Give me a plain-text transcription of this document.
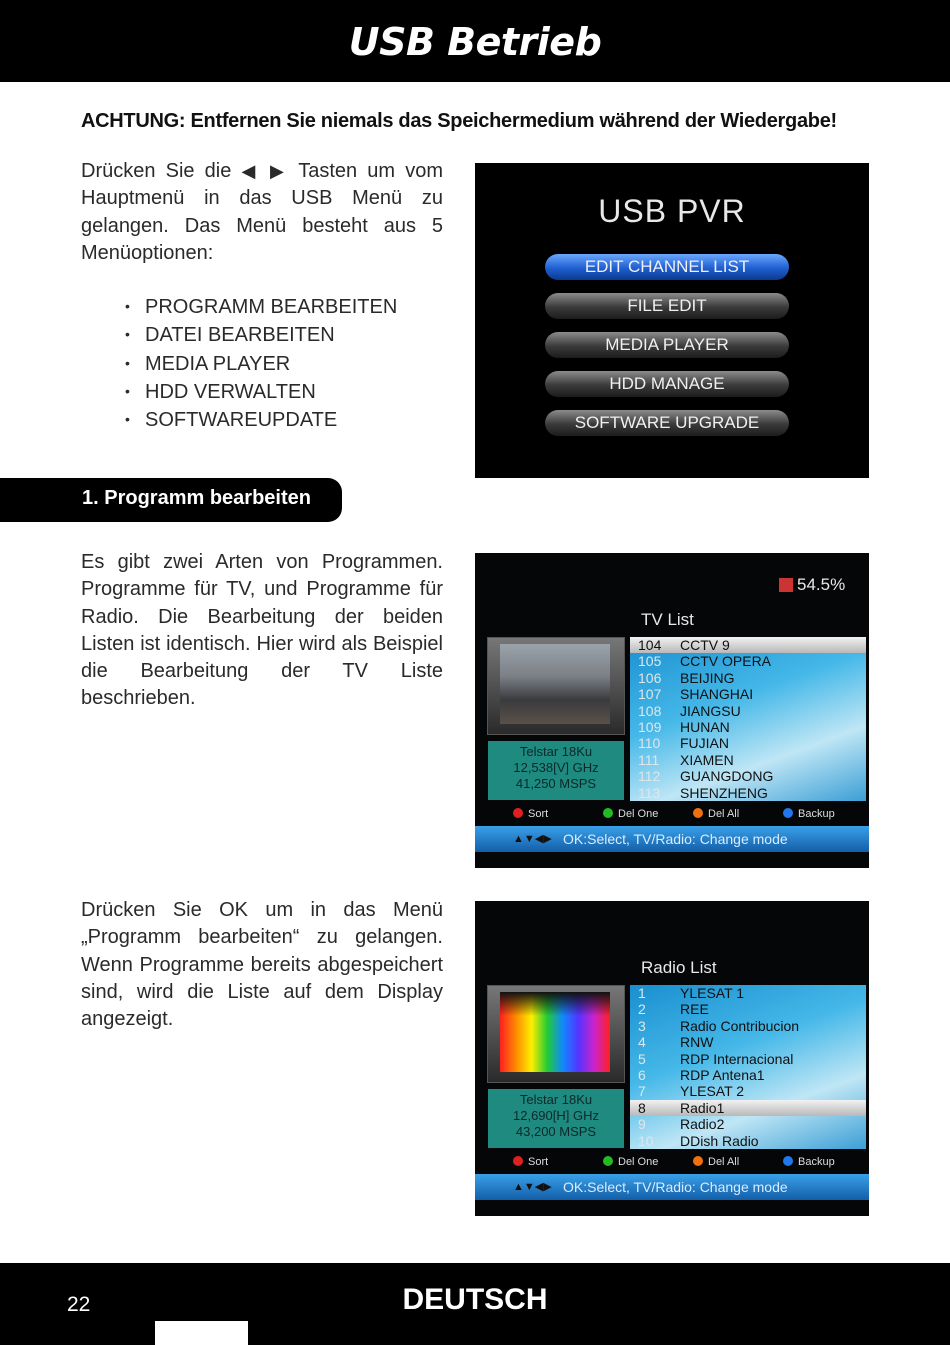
USB Betrieb
ACHTUNG: Entfernen Sie niemals das Speichermedium während der Wiedergabe!
Drücken Sie die ◀ ▶ Tasten um vom Hauptmenü in das USB Menü zu gelangen. Das Menü besteht aus 5 Menüoptionen:
• PROGRAMM BEARBEITEN
• DATEI BEARBEITEN
• MEDIA PLAYER
• HDD VERWALTEN
• SOFTWAREUPDATE
USB PVR
EDIT CHANNEL LIST
FILE EDIT
MEDIA PLAYER
HDD MANAGE
SOFTWARE UPGRADE
1. Programm bearbeiten
Es gibt zwei Arten von Programmen. Programme für TV, und Programme für Radio. Die Bearbeitung der beiden Listen ist identisch. Hier wird als Beispiel die Bearbeitung der TV Liste beschrieben.
54.5%
TV List
Telstar 18Ku
12,538[V] GHz
41,250 MSPS
104	CCTV 9
105	CCTV OPERA
106	BEIJING
107	SHANGHAI
108	JIANGSU
109	HUNAN
110	FUJIAN
111	XIAMEN
112	GUANGDONG
113	SHENZHENG
Sort	Del One	Del All	Backup
▲▼◀▶ OK:Select, TV/Radio: Change mode
Drücken Sie OK um in das Menü „Programm bearbeiten“ zu gelangen. Wenn Programme bereits abgespeichert sind, wird die Liste auf dem Display angezeigt.
Radio List
Telstar 18Ku
12,690[H] GHz
43,200 MSPS
1	YLESAT 1
2	REE
3	Radio Contribucion
4	RNW
5	RDP Internacional
6	RDP Antena1
7	YLESAT 2
8	Radio1
9	Radio2
10	DDish Radio
Sort	Del One	Del All	Backup
▲▼◀▶ OK:Select, TV/Radio: Change mode
22	DEUTSCH
